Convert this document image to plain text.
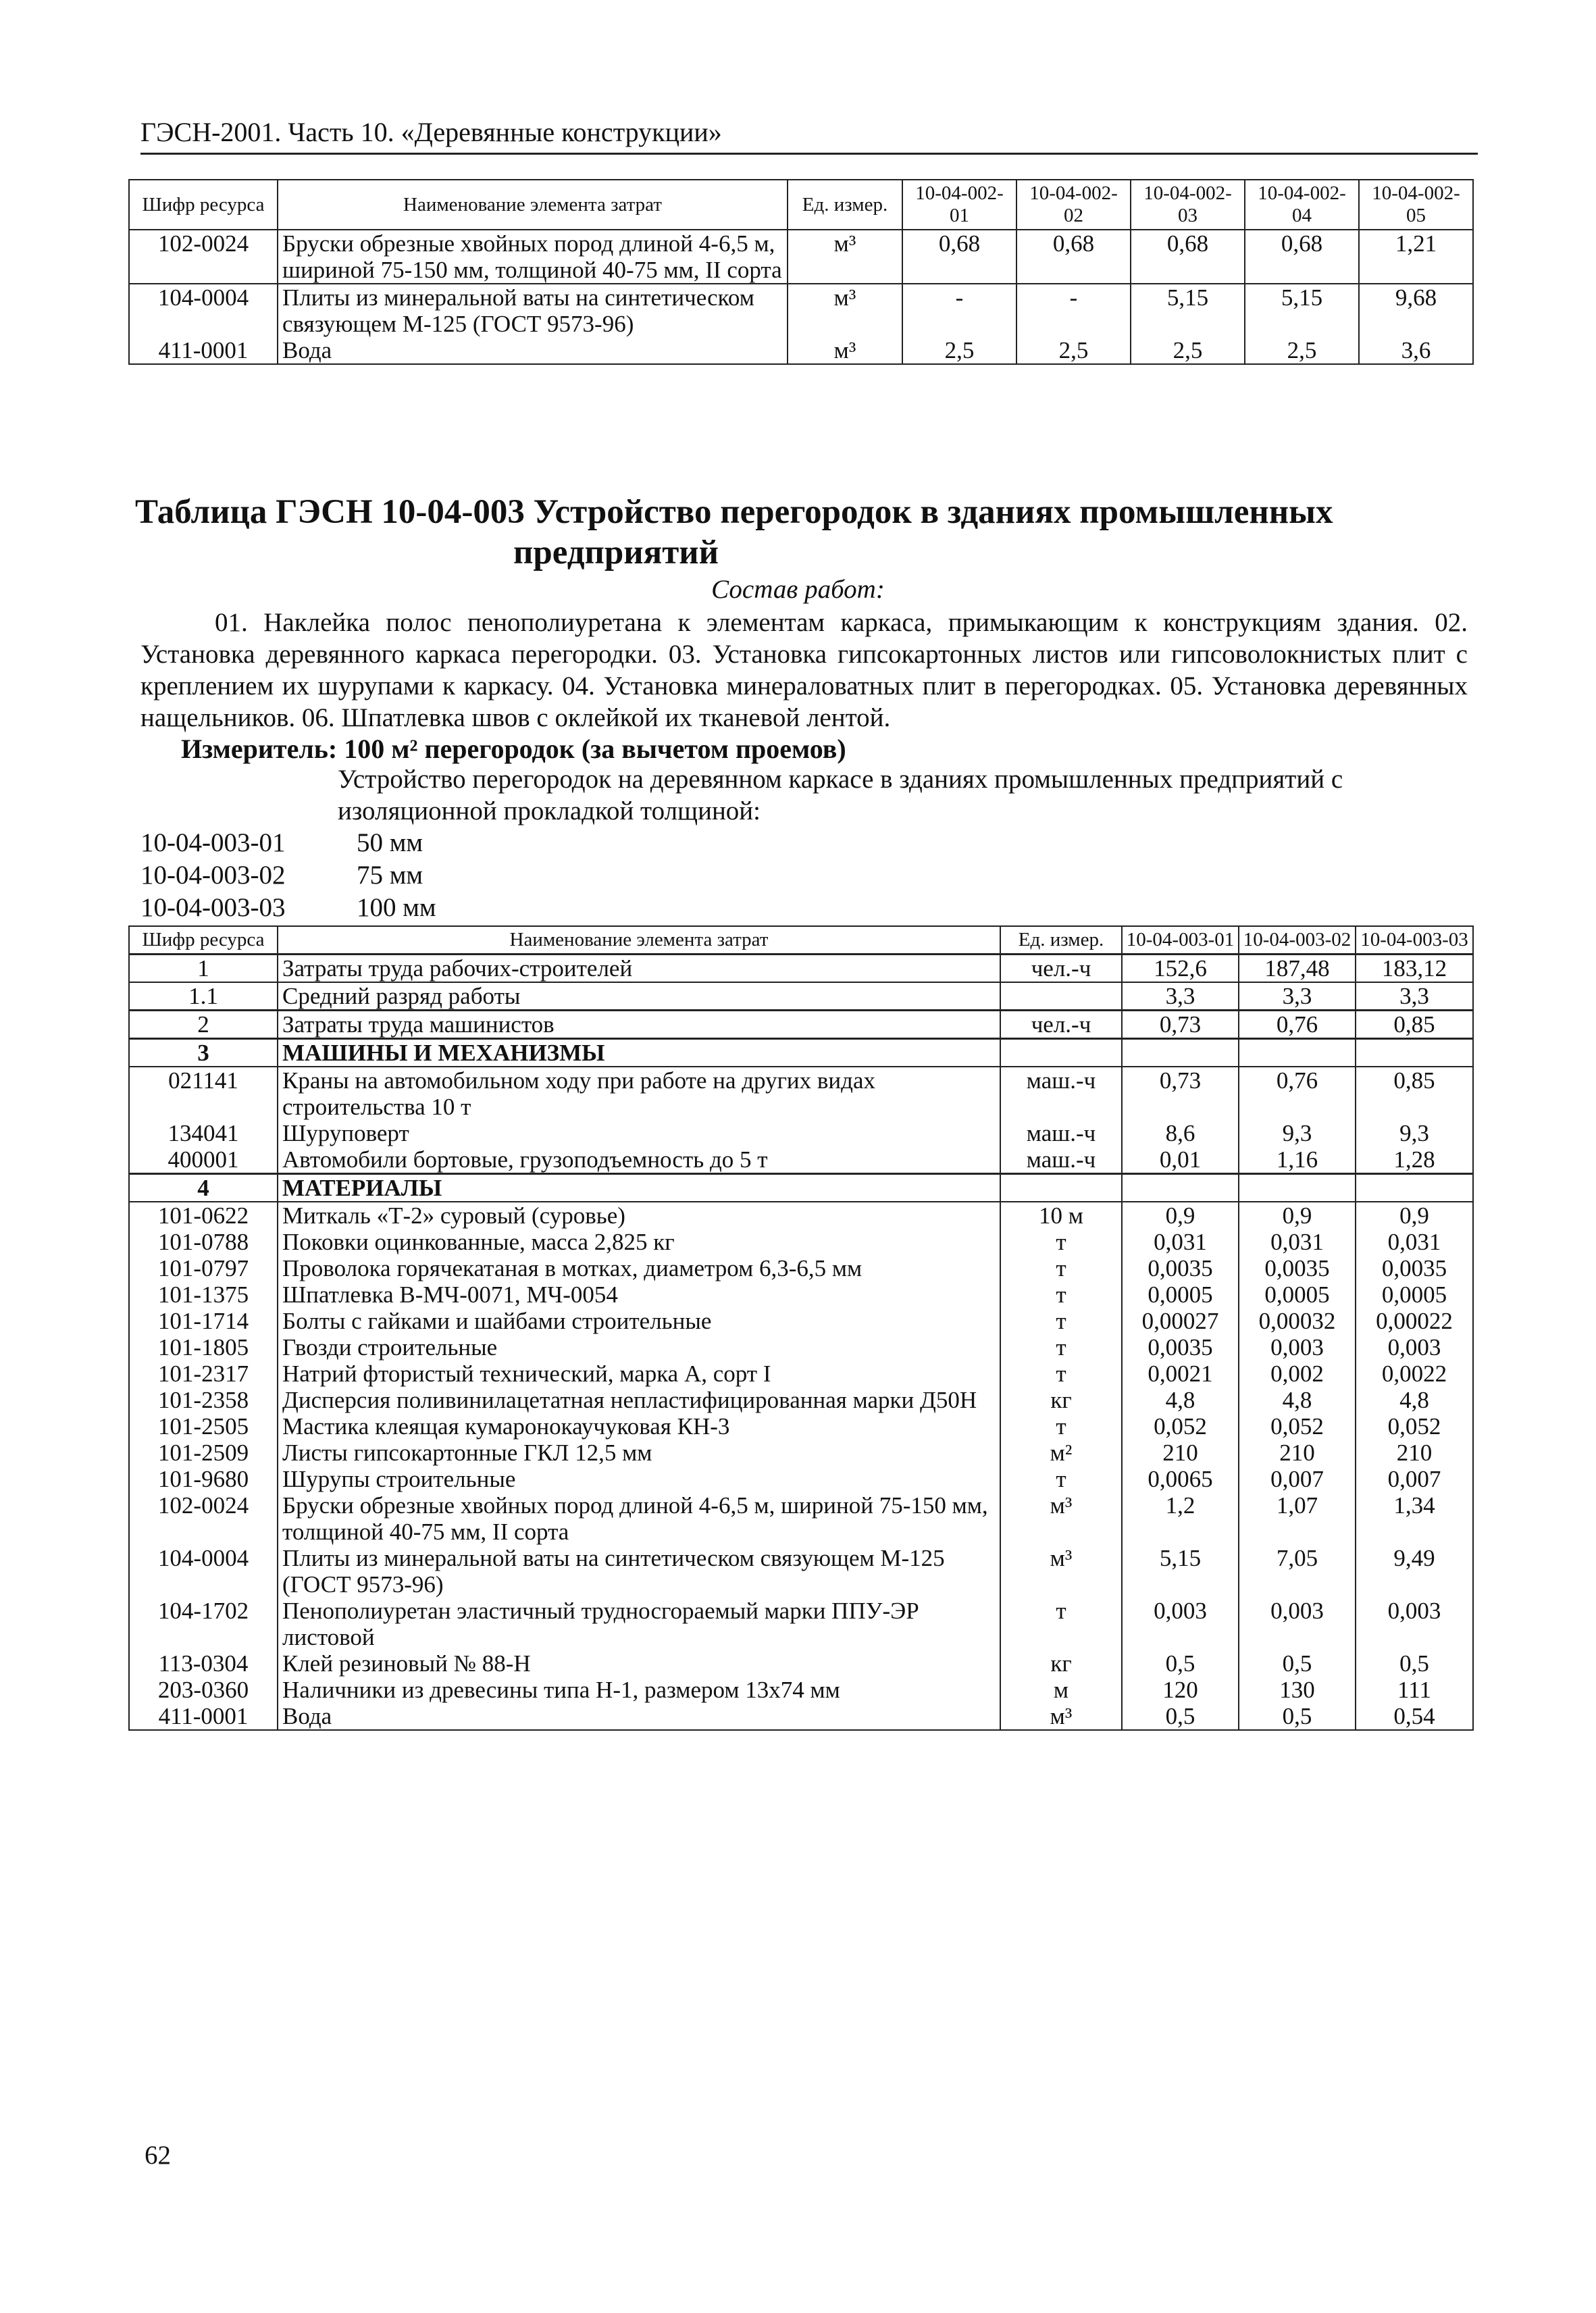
ГЭСН-2001. Часть 10. «Деревянные конструкции»
Шифр ресурса	Наименование элемента затрат	Ед. измер.	10-04-002-01	10-04-002-02	10-04-002-03	10-04-002-04	10-04-002-05
102-0024	Бруски обрезные хвойных пород длиной 4-6,5 м, шириной 75-150 мм, толщиной 40-75 мм, II сорта	м³	0,68	0,68	0,68	0,68	1,21
104-0004	Плиты из минеральной ваты на синтетическом связующем М-125 (ГОСТ 9573-96)	м³	-	-	5,15	5,15	9,68
411-0001	Вода	м³	2,5	2,5	2,5	2,5	3,6
Таблица ГЭСН 10-04-003 Устройство перегородок в зданиях промышленных
предприятий
Состав работ:
01. Наклейка полос пенополиуретана к элементам каркаса, примыкающим к конструкциям здания. 02. Установка деревянного каркаса перегородки. 03. Установка гипсокартонных листов или гипсоволокнистых плит с креплением их шурупами к каркасу. 04. Установка минераловатных плит в перегородках. 05. Установка деревянных нащельников. 06. Шпатлевка швов с оклейкой их тканевой лентой.
Измеритель: 100 м² перегородок (за вычетом проемов)
Устройство перегородок на деревянном каркасе в зданиях промышленных предприятий с изоляционной прокладкой толщиной:
10-04-003-01	50 мм
10-04-003-02	75 мм
10-04-003-03	100 мм
Шифр ресурса	Наименование элемента затрат	Ед. измер.	10-04-003-01	10-04-003-02	10-04-003-03
1	Затраты труда рабочих-строителей	чел.-ч	152,6	187,48	183,12
1.1	Средний разряд работы		3,3	3,3	3,3
2	Затраты труда машинистов	чел.-ч	0,73	0,76	0,85
3	МАШИНЫ И МЕХАНИЗМЫ				
021141	Краны на автомобильном ходу при работе на других видах строительства 10 т	маш.-ч	0,73	0,76	0,85
134041	Шуруповерт	маш.-ч	8,6	9,3	9,3
400001	Автомобили бортовые, грузоподъемность до 5 т	маш.-ч	0,01	1,16	1,28
4	МАТЕРИАЛЫ				
101-0622	Миткаль «Т-2» суровый (суровье)	10 м	0,9	0,9	0,9
101-0788	Поковки оцинкованные, масса 2,825 кг	т	0,031	0,031	0,031
101-0797	Проволока горячекатаная в мотках, диаметром 6,3-6,5 мм	т	0,0035	0,0035	0,0035
101-1375	Шпатлевка В-МЧ-0071, МЧ-0054	т	0,0005	0,0005	0,0005
101-1714	Болты с гайками и шайбами строительные	т	0,00027	0,00032	0,00022
101-1805	Гвозди строительные	т	0,0035	0,003	0,003
101-2317	Натрий фтористый технический, марка А, сорт I	т	0,0021	0,002	0,0022
101-2358	Дисперсия поливинилацетатная непластифицированная марки Д50Н	кг	4,8	4,8	4,8
101-2505	Мастика клеящая кумаронокаучуковая КН-3	т	0,052	0,052	0,052
101-2509	Листы гипсокартонные ГКЛ 12,5 мм	м²	210	210	210
101-9680	Шурупы строительные	т	0,0065	0,007	0,007
102-0024	Бруски обрезные хвойных пород длиной 4-6,5 м, шириной 75-150 мм, толщиной 40-75 мм, II сорта	м³	1,2	1,07	1,34
104-0004	Плиты из минеральной ваты на синтетическом связующем М-125 (ГОСТ 9573-96)	м³	5,15	7,05	9,49
104-1702	Пенополиуретан эластичный трудносгораемый марки ППУ-ЭР листовой	т	0,003	0,003	0,003
113-0304	Клей резиновый № 88-Н	кг	0,5	0,5	0,5
203-0360	Наличники из древесины типа Н-1, размером 13х74 мм	м	120	130	111
411-0001	Вода	м³	0,5	0,5	0,54
62
